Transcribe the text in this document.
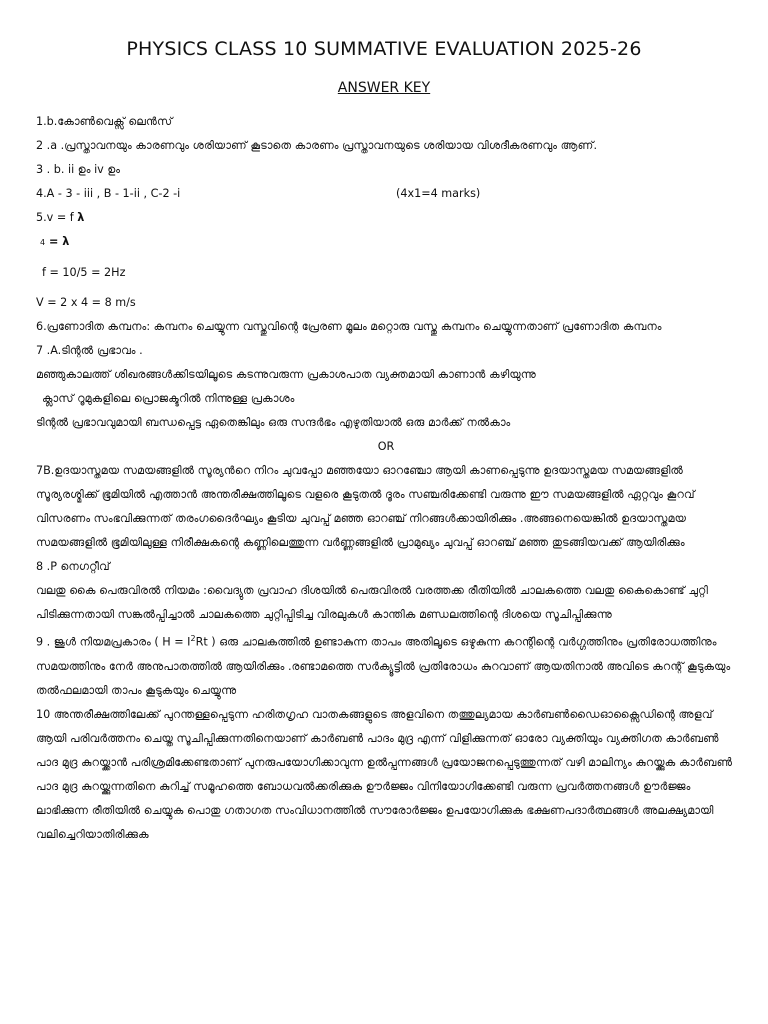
PHYSICS CLASS 10 SUMMATIVE EVALUATION 2025-26
ANSWER KEY

1.b.കോൺവെക്സ് ലെൻസ്

2 .a .പ്രസ്താവനയും കാരണവും ശരിയാണ് കൂടാതെ കാരണം പ്രസ്താവനയുടെ ശരിയായ വിശദീകരണവും ആണ്.

3 . b. ii ഉം iv ഉം

4.A - 3 - iii , B - 1-ii , C-2 -i	(4x1=4 marks)

5.v = f λ

4 = λ

f = 10/5 = 2Hz

V = 2 x 4 = 8 m/s

6.പ്രണോദിത കമ്പനം: കമ്പനം ചെയ്യുന്ന വസ്തുവിന്റെ പ്രേരണ മൂലം മറ്റൊരു വസ്തു കമ്പനം ചെയ്യുന്നതാണ് പ്രണോദിത കമ്പനം

7 .A.ടിന്റൽ പ്രഭാവം .

മഞ്ഞുകാലത്ത് ശിഖരങ്ങൾക്കിടയിലൂടെ കടന്നുവരുന്ന പ്രകാശപാത വ്യക്തമായി കാണാൻ കഴിയുന്നു

ക്ലാസ് റൂമുകളിലെ പ്രൊജക്ടറിൽ നിന്നുള്ള പ്രകാശം

ടിന്റൽ പ്രഭാവവുമായി ബന്ധപ്പെട്ട ഏതെങ്കിലും ഒരു സന്ദർഭം എഴുതിയാൽ ഒരു മാർക്ക് നൽകാം

OR

7B.ഉദയാസ്തമയ സമയങ്ങളിൽ സൂര്യൻറെ നിറം ചുവപ്പോ മഞ്ഞയോ ഓറഞ്ചോ ആയി കാണപ്പെടുന്നു ഉദയാസ്തമയ സമയങ്ങളിൽ സൂര്യരശ്മിക്ക് ഭൂമിയിൽ എത്താൻ അന്തരീക്ഷത്തിലൂടെ വളരെ കൂടുതൽ ദൂരം സഞ്ചരിക്കേണ്ടി വരുന്നു ഈ സമയങ്ങളിൽ ഏറ്റവും കൂറവ് വിസരണം സംഭവിക്കുന്നത് തരംഗദൈർഘ്യം കൂടിയ ചുവപ്പ് മഞ്ഞ ഓറഞ്ച് നിറങ്ങൾക്കായിരിക്കും .അങ്ങനെയെങ്കിൽ ഉദയാസ്തമയ സമയങ്ങളിൽ ഭൂമിയിലുള്ള നിരീക്ഷകന്റെ കണ്ണിലെത്തുന്ന വർണ്ണങ്ങളിൽ പ്രാമുഖ്യം ചുവപ്പ് ഓറഞ്ച് മഞ്ഞ തുടങ്ങിയവക്ക് ആയിരിക്കും

8 .P നെഗറ്റീവ്

വലതു കൈ പെരുവിരൽ നിയമം :വൈദ്യുത പ്രവാഹ ദിശയിൽ പെരുവിരൽ വരത്തക്ക രീതിയിൽ ചാലകത്തെ വലതു കൈകൊണ്ട് ചുറ്റി പിടിക്കുന്നതായി സങ്കൽപ്പിച്ചാൽ ചാലകത്തെ ചുറ്റിപ്പിടിച്ച വിരലുകൾ കാന്തിക മണ്ഡലത്തിന്റെ ദിശയെ സൂചിപ്പിക്കുന്നു

9 . ജൂൾ നിയമപ്രകാരം ( $H = I^2Rt$ ) ഒരു ചാലകത്തിൽ ഉണ്ടാകുന്ന താപം അതിലൂടെ ഒഴുകുന്ന കറന്റിന്റെ വർഗ്ഗത്തിനും പ്രതിരോധത്തിനും സമയത്തിനും നേർ അനുപാതത്തിൽ ആയിരിക്കും .രണ്ടാമത്തെ സർക്യൂട്ടിൽ പ്രതിരോധം കുറവാണ് ആയതിനാൽ അവിടെ കറന്റ് കൂടുകയും തൽഫലമായി താപം കൂടുകയും ചെയ്യുന്നു

10 അന്തരീക്ഷത്തിലേക്ക് പുറന്തള്ളപ്പെടുന്ന ഹരിതഗൃഹ വാതകങ്ങളുടെ അളവിനെ തത്തുല്യമായ കാർബൺഡൈഓക്സൈഡിന്റെ അളവ് ആയി പരിവർത്തനം ചെയ്ത സൂചിപ്പിക്കുന്നതിനെയാണ് കാർബൺ പാദം മുദ്ര എന്ന് വിളിക്കുന്നത് ഓരോ വ്യക്തിയും വ്യക്തിഗത കാർബൺ പാദ മുദ്ര കുറയ്ക്കാൻ പരിശ്രമിക്കേണ്ടതാണ് പുനരുപയോഗിക്കാവുന്ന ഉൽപ്പന്നങ്ങൾ പ്രയോജനപ്പെടുത്തുന്നത് വഴി മാലിന്യം കുറയ്ക്കുക കാർബൺ പാദ മുദ്ര കുറയ്ക്കുന്നതിനെ കുറിച്ച് സമൂഹത്തെ ബോധവൽക്കരിക്കുക ഊർജ്ജം വിനിയോഗിക്കേണ്ടി വരുന്ന പ്രവർത്തനങ്ങൾ ഊർജ്ജം ലാഭിക്കുന്ന രീതിയിൽ ചെയ്യുക പൊതു ഗതാഗത സംവിധാനത്തിൽ സൗരോർജ്ജം ഉപയോഗിക്കുക ഭക്ഷണപദാർത്ഥങ്ങൾ അലക്ഷ്യമായി വലിച്ചെറിയാതിരിക്കുക
